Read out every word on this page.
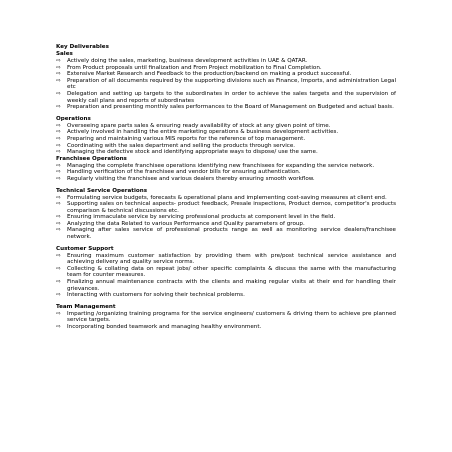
Key Deliverables
Sales
⇨ Actively doing the sales, marketing, business development activities in UAE & QATAR.
⇨ From Product proposals until finalization and From Project mobilization to Final Completion.
⇨ Extensive Market Research and Feedback to the production/backend on making a product successful.
⇨ Preparation of all documents required by the supporting divisions such as Finance, Imports, and administration Legal etc
⇨ Delegation and setting up targets to the subordinates in order to achieve the sales targets and the supervision of weekly call plans and reports of subordinates
⇨ Preparation and presenting monthly sales performances to the Board of Management on Budgeted and actual basis.
Operations
⇨ Overseeing spare parts sales & ensuring ready availability of stock at any given point of time.
⇨ Actively involved in handling the entire marketing operations & business development activities.
⇨ Preparing and maintaining various MIS reports for the reference of top management.
⇨ Coordinating with the sales department and selling the products through service.
⇨ Managing the defective stock and identifying appropriate ways to dispose/ use the same.
Franchisee Operations
⇨ Managing the complete franchisee operations identifying new franchisees for expanding the service network.
⇨ Handling verification of the franchisee and vendor bills for ensuring authentication.
⇨ Regularly visiting the franchisee and various dealers thereby ensuring smooth workflow.
Technical Service Operations
⇨ Formulating service budgets, forecasts & operational plans and implementing cost-saving measures at client end.
⇨ Supporting sales on technical aspects- product feedback, Presale inspections, Product demos, competitor's products comparison & technical discussions etc.
⇨ Ensuring immaculate service by servicing professional products at component level in the field.
⇨ Analyzing the data Related to various Performance and Quality parameters of group.
⇨ Managing after sales service of professional products range as well as monitoring service dealers/franchisee network.
Customer Support
⇨ Ensuring maximum customer satisfaction by providing them with pre/post technical service assistance and achieving delivery and quality service norms.
⇨ Collecting & collating data on repeat jobs/ other specific complaints & discuss the same with the manufacturing team for counter measures.
⇨ Finalizing annual maintenance contracts with the clients and making regular visits at their end for handling their grievances.
⇨ Interacting with customers for solving their technical problems.
Team Management
⇨ Imparting /organizing training programs for the service engineers/ customers & driving them to achieve pre planned service targets.
⇨ Incorporating bonded teamwork and managing healthy environment.
